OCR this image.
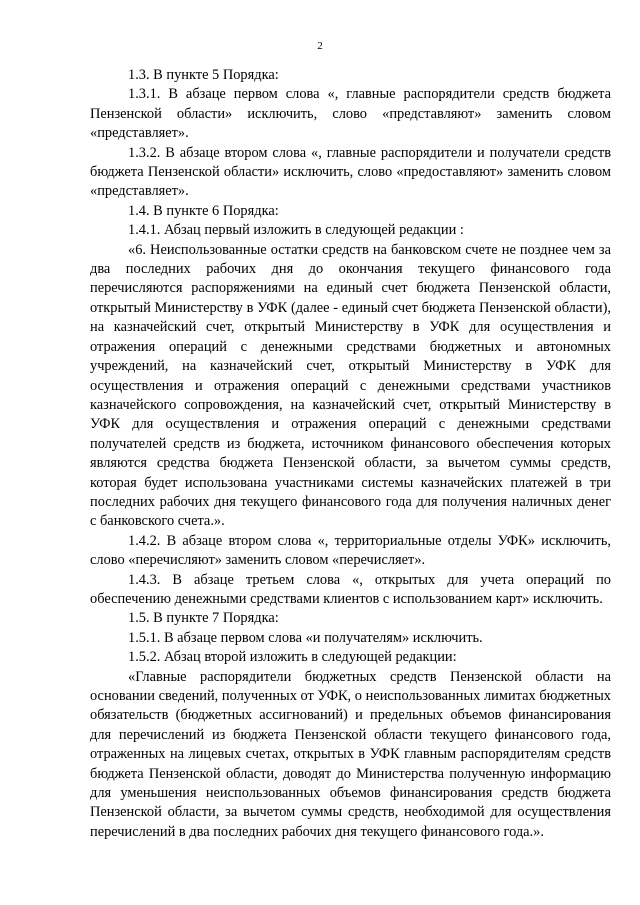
2

1.3. В пункте 5 Порядка:

1.3.1. В абзаце первом слова «, главные распорядители средств бюджета Пензенской области» исключить, слово «представляют» заменить словом «представляет».

1.3.2. В абзаце втором слова «, главные распорядители и получатели средств бюджета Пензенской области» исключить, слово «предоставляют» заменить словом «представляет».

1.4. В пункте 6 Порядка:

1.4.1. Абзац первый изложить в следующей редакции :

«6. Неиспользованные остатки средств на банковском счете не позднее чем за два последних рабочих дня до окончания текущего финансового года перечисляются распоряжениями на единый счет бюджета Пензенской области, открытый Министерству в УФК (далее - единый счет бюджета Пензенской области), на казначейский счет, открытый Министерству в УФК для осуществления и отражения операций с денежными средствами бюджетных и автономных учреждений, на казначейский счет, открытый Министерству в УФК для осуществления и отражения операций с денежными средствами участников казначейского сопровождения, на казначейский счет, открытый Министерству в УФК для осуществления и отражения операций с денежными средствами получателей средств из бюджета, источником финансового обеспечения которых являются средства бюджета Пензенской области, за вычетом суммы средств, которая будет использована участниками системы казначейских платежей в три последних рабочих дня текущего финансового года для получения наличных денег с банковского счета.».

1.4.2. В абзаце втором слова «, территориальные отделы УФК» исключить, слово «перечисляют» заменить словом «перечисляет».

1.4.3. В абзаце третьем слова «, открытых для учета операций по обеспечению денежными средствами клиентов с использованием карт» исключить.

1.5. В пункте 7 Порядка:

1.5.1. В абзаце первом слова «и получателям» исключить.

1.5.2. Абзац второй изложить в следующей редакции:

«Главные распорядители бюджетных средств Пензенской области на основании сведений, полученных от УФК, о неиспользованных лимитах бюджетных обязательств (бюджетных ассигнований) и предельных объемов финансирования для перечислений из бюджета Пензенской области текущего финансового года, отраженных на лицевых счетах, открытых в УФК главным распорядителям средств бюджета Пензенской области, доводят до Министерства полученную информацию для уменьшения неиспользованных объемов финансирования средств бюджета Пензенской области, за вычетом суммы средств, необходимой для осуществления перечислений в два последних рабочих дня текущего финансового года.».
